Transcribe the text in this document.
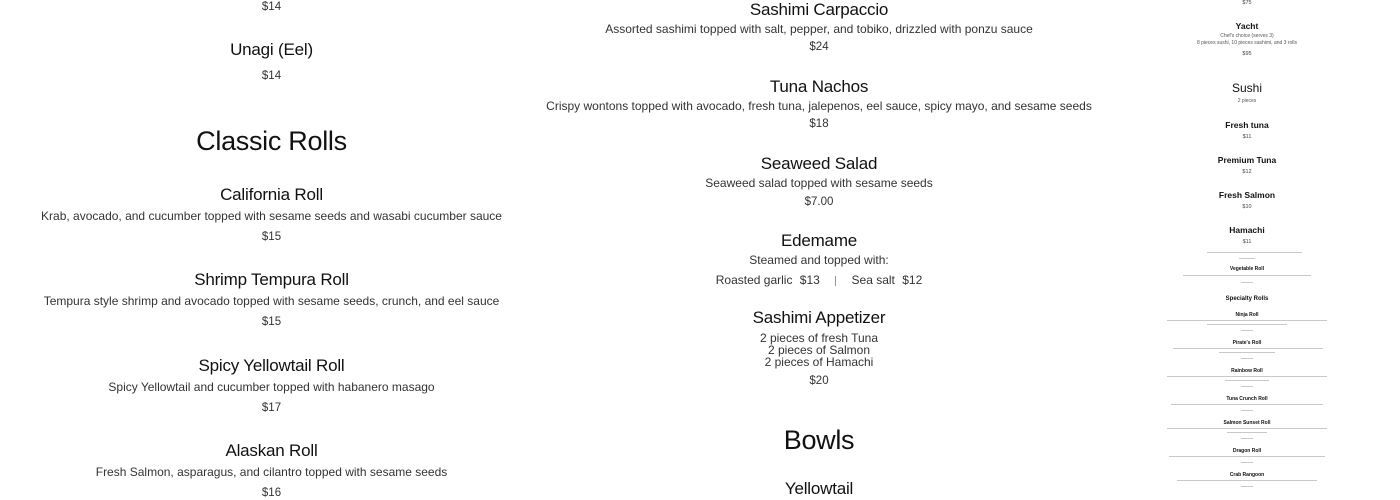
$14
Unagi (Eel)
$14
Classic Rolls
California Roll
Krab, avocado, and cucumber topped with sesame seeds and wasabi cucumber sauce
$15
Shrimp Tempura Roll
Tempura style shrimp and avocado topped with sesame seeds, crunch, and eel sauce
$15
Spicy Yellowtail Roll
Spicy Yellowtail and cucumber topped with habanero masago
$17
Alaskan Roll
Fresh Salmon, asparagus, and cilantro topped with sesame seeds
$16
Sashimi Carpaccio
Assorted sashimi topped with salt, pepper, and tobiko, drizzled with ponzu sauce
$24
Tuna Nachos
Crispy wontons topped with avocado, fresh tuna, jalepenos, eel sauce, spicy mayo, and sesame seeds
$18
Seaweed Salad
Seaweed salad topped with sesame seeds
$7.00
Edemame
Steamed and topped with:
Roasted garlic $13	Sea salt $12
Sashimi Appetizer
2 pieces of fresh Tuna
2 pieces of Salmon
2 pieces of Hamachi
$20
Bowls
Yellowtail
$75
Yacht
Chef's choice (serves 3)
8 pieces sushi, 10 pieces sashimi, and 3 rolls
$95
Sushi
2 pieces
Fresh tuna
$11
Premium Tuna
$12
Fresh Salmon
$10
Hamachi
$11
Vegetable Roll
Specialty Rolls
Ninja Roll
Pirate's Roll
Rainbow Roll
Tuna Crunch Roll
Salmon Sunset Roll
Dragon Roll
Crab Rangoon
